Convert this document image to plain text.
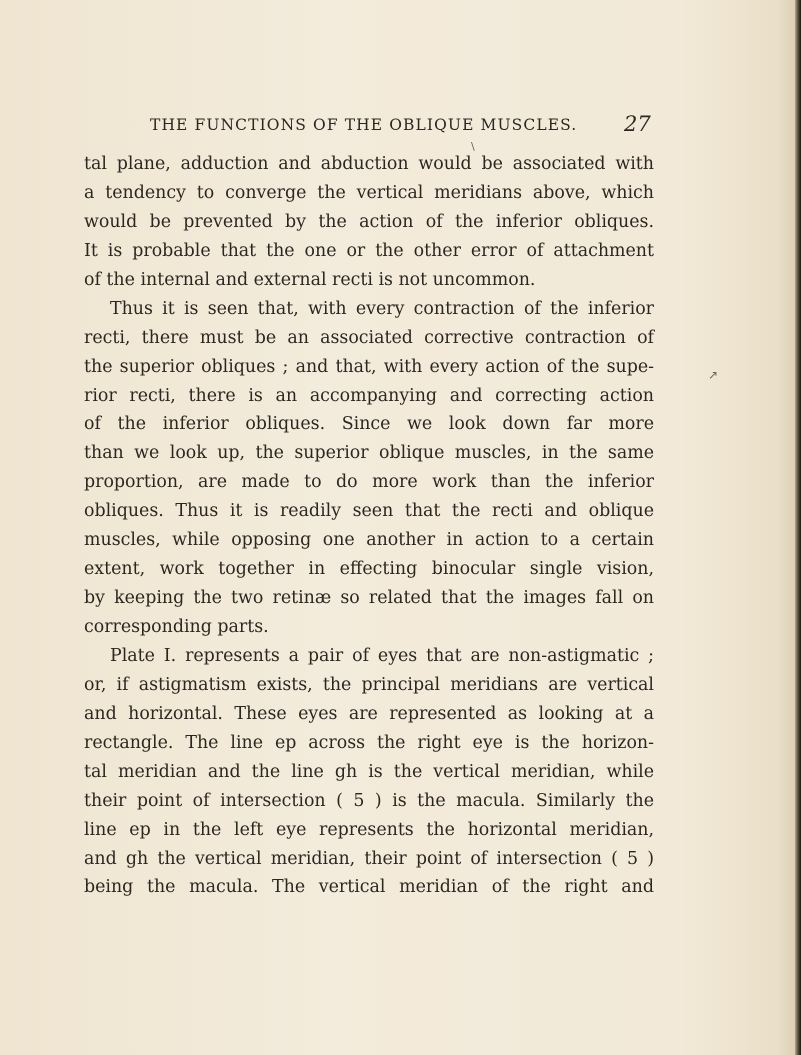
THE FUNCTIONS OF THE OBLIQUE MUSCLES. 27
tal plane, adduction and abduction would be associated with
a tendency to converge the vertical meridians above, which
would be prevented by the action of the inferior obliques.
It is probable that the one or the other error of attachment
of the internal and external recti is not uncommon.
Thus it is seen that, with every contraction of the inferior
recti, there must be an associated corrective contraction of
the superior obliques ; and that, with every action of the supe-
rior recti, there is an accompanying and correcting action
of the inferior obliques. Since we look down far more
than we look up, the superior oblique muscles, in the same
proportion, are made to do more work than the inferior
obliques. Thus it is readily seen that the recti and oblique
muscles, while opposing one another in action to a certain
extent, work together in effecting binocular single vision,
by keeping the two retinæ so related that the images fall on
corresponding parts.
Plate I. represents a pair of eyes that are non-astigmatic ;
or, if astigmatism exists, the principal meridians are vertical
and horizontal. These eyes are represented as looking at a
rectangle. The line ep across the right eye is the horizon-
tal meridian and the line gh is the vertical meridian, while
their point of intersection ( 5 ) is the macula. Similarly the
line ep in the left eye represents the horizontal meridian,
and gh the vertical meridian, their point of intersection ( 5 )
being the macula. The vertical meridian of the right and
\
↗
